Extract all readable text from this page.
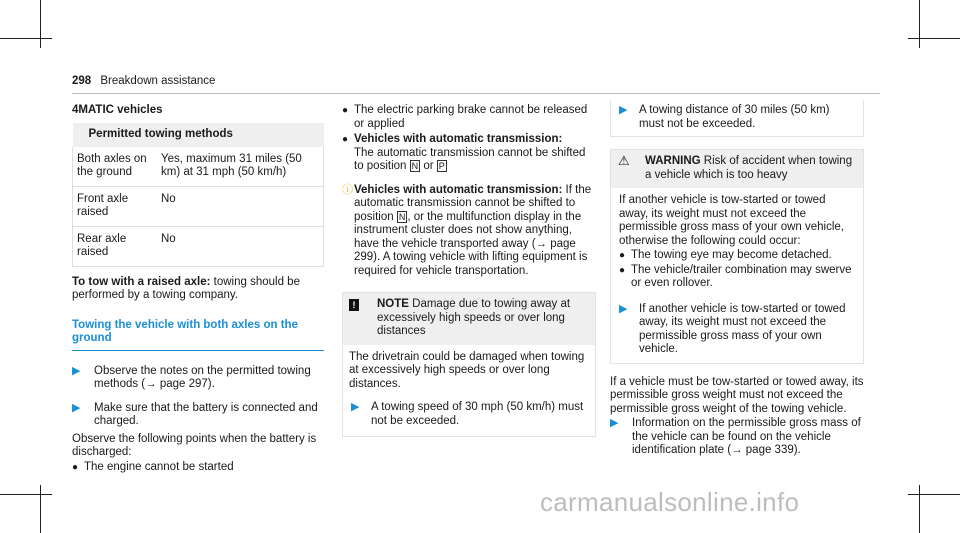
298 Breakdown assistance
4MATIC vehicles
Permitted towing methods	
Both axles on the ground	Yes, maximum 31 miles (50 km) at 31 mph (50 km/h)
Front axle raised	No
Rear axle raised	No
To tow with a raised axle: towing should be performed by a towing company.
Towing the vehicle with both axles on the ground
▶ Observe the notes on the permitted towing methods (→ page 297).
▶ Make sure that the battery is connected and charged.
Observe the following points when the battery is discharged:
● The engine cannot be started
● The electric parking brake cannot be released or applied
● Vehicles with automatic transmission:
The automatic transmission cannot be shifted to position N or P
ⓘ Vehicles with automatic transmission: If the automatic transmission cannot be shifted to position N , or the multifunction display in the instrument cluster does not show anything, have the vehicle transported away (→ page 299). A towing vehicle with lifting equipment is required for vehicle transportation.
!	NOTE Damage due to towing away at excessively high speeds or over long distances
The drivetrain could be damaged when towing at excessively high speeds or over long distances.
▶ A towing speed of 30 mph (50 km/h) must not be exceeded.
▶ A towing distance of 30 miles (50 km) must not be exceeded.
⚠ WARNING Risk of accident when towing a vehicle which is too heavy
If another vehicle is tow-started or towed away, its weight must not exceed the permissible gross mass of your own vehicle, otherwise the following could occur:
● The towing eye may become detached.
● The vehicle/trailer combination may swerve or even rollover.
▶ If another vehicle is tow-started or towed away, its weight must not exceed the permissible gross mass of your own vehicle.
If a vehicle must be tow-started or towed away, its permissible gross weight must not exceed the permissible gross weight of the towing vehicle.
▶ Information on the permissible gross mass of the vehicle can be found on the vehicle identification plate (→ page 339).
carmanualsonline.info
